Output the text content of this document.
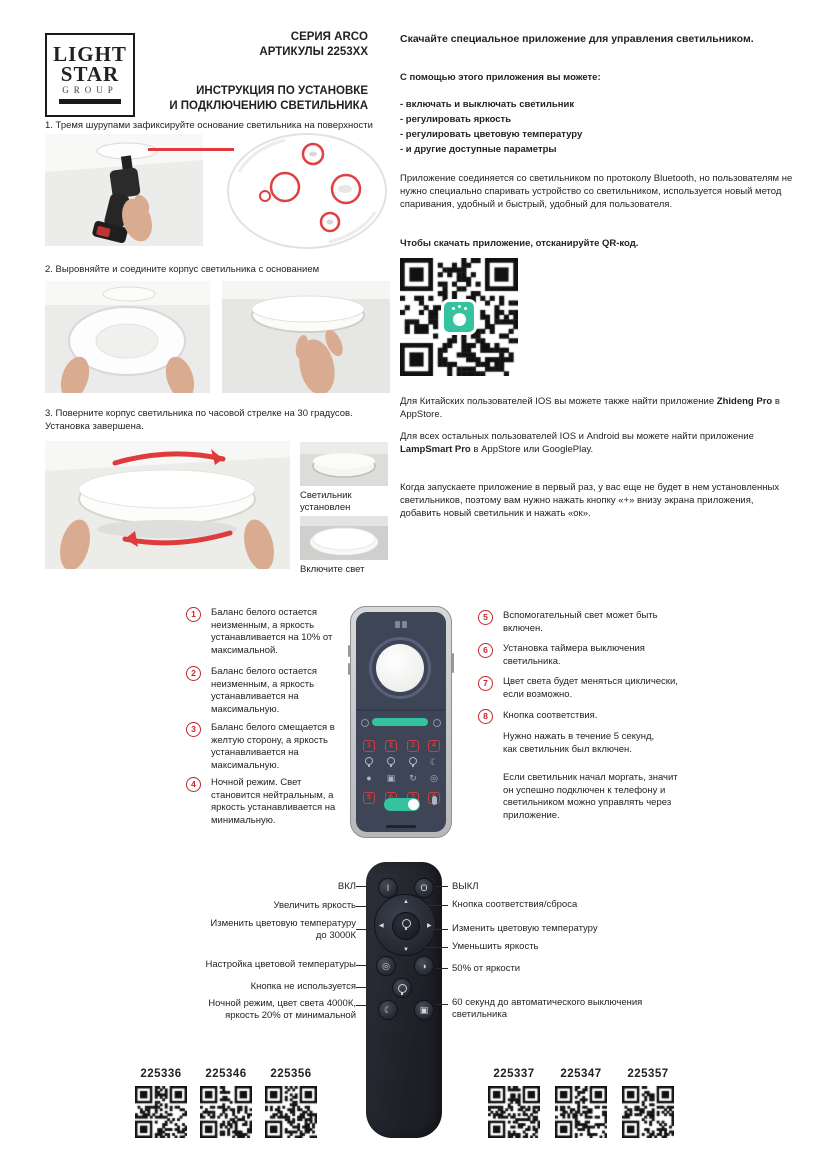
LIGHT
STAR
GROUP
СЕРИЯ ARCO
АРТИКУЛЫ 2253ХХ
ИНСТРУКЦИЯ ПО УСТАНОВКЕ
И ПОДКЛЮЧЕНИЮ СВЕТИЛЬНИКА
1. Тремя шурупами зафиксируйте основание светильника на поверхности
2. Выровняйте и соедините корпус светильника с основанием
3. Поверните корпус светильника по часовой стрелке на 30 градусов.
Установка завершена.
Светильник установлен
Включите свет
Скачайте специальное приложение для управления светильником.
С помощью этого приложения вы можете:
- включать и выключать светильник
- регулировать яркость
- регулировать цветовую температуру
- и другие доступные параметры
Приложение соединяется со светильником по протоколу Bluetooth, но пользователям не нужно специально спаривать устройство со светильником, используется новый метод спаривания, удобный и быстрый, удобный для пользователя.
Чтобы скачать приложение, отсканируйте QR-код.
Для Китайских пользователей IOS вы можете также найти приложение Zhideng Pro в AppStore.
Для всех остальных пользователей IOS и Android вы можете найти приложение LampSmart Pro в AppStore или GooglePlay.
Когда запускаете приложение в первый раз, у вас еще не будет в нем установленных светильников, поэтому вам нужно нажать кнопку «+» внизу экрана приложения, добавить новый светильник и нажать «ок».
1	Баланс белого остается неизменным, а яркость устанавливается на 10% от максимальной.
2	Баланс белого остается неизменным, а яркость устанавливается на максимальную.
3	Баланс белого смещается в желтую сторону, а яркость устанавливается на максимальную.
4	Ночной режим. Свет становится нейтральным, а яркость устанавливается на минимальную.
1	2	3	4
☾
●
5
▣	↻	◎

5	Вспомогательный свет может быть включен.
6	Установка таймера выключения светильника.
7	Цвет света будет меняться циклически, если возможно.
8	Кнопка соответствия.
Нужно нажать в течение 5 секунд, как светильник был включен.
Если светильник начал моргать, значит он успешно подключен к телефону и светильником можно управлять через приложение.
I	O
▲
▶
▼
◀
◎	◑
☾	▣
ВКЛ
Увеличить яркость
Изменить цветовую температуру до 3000К
Настройка цветовой температуры
Кнопка не используется
Ночной режим, цвет света 4000К, яркость 20% от минимальной
ВЫКЛ
Кнопка соответствия/сброса
Изменить цветовую температуру
Уменьшить яркость
50% от яркости
60 секунд до автоматического выключения светильника
225336	225346	225356	225337	225347	225357
